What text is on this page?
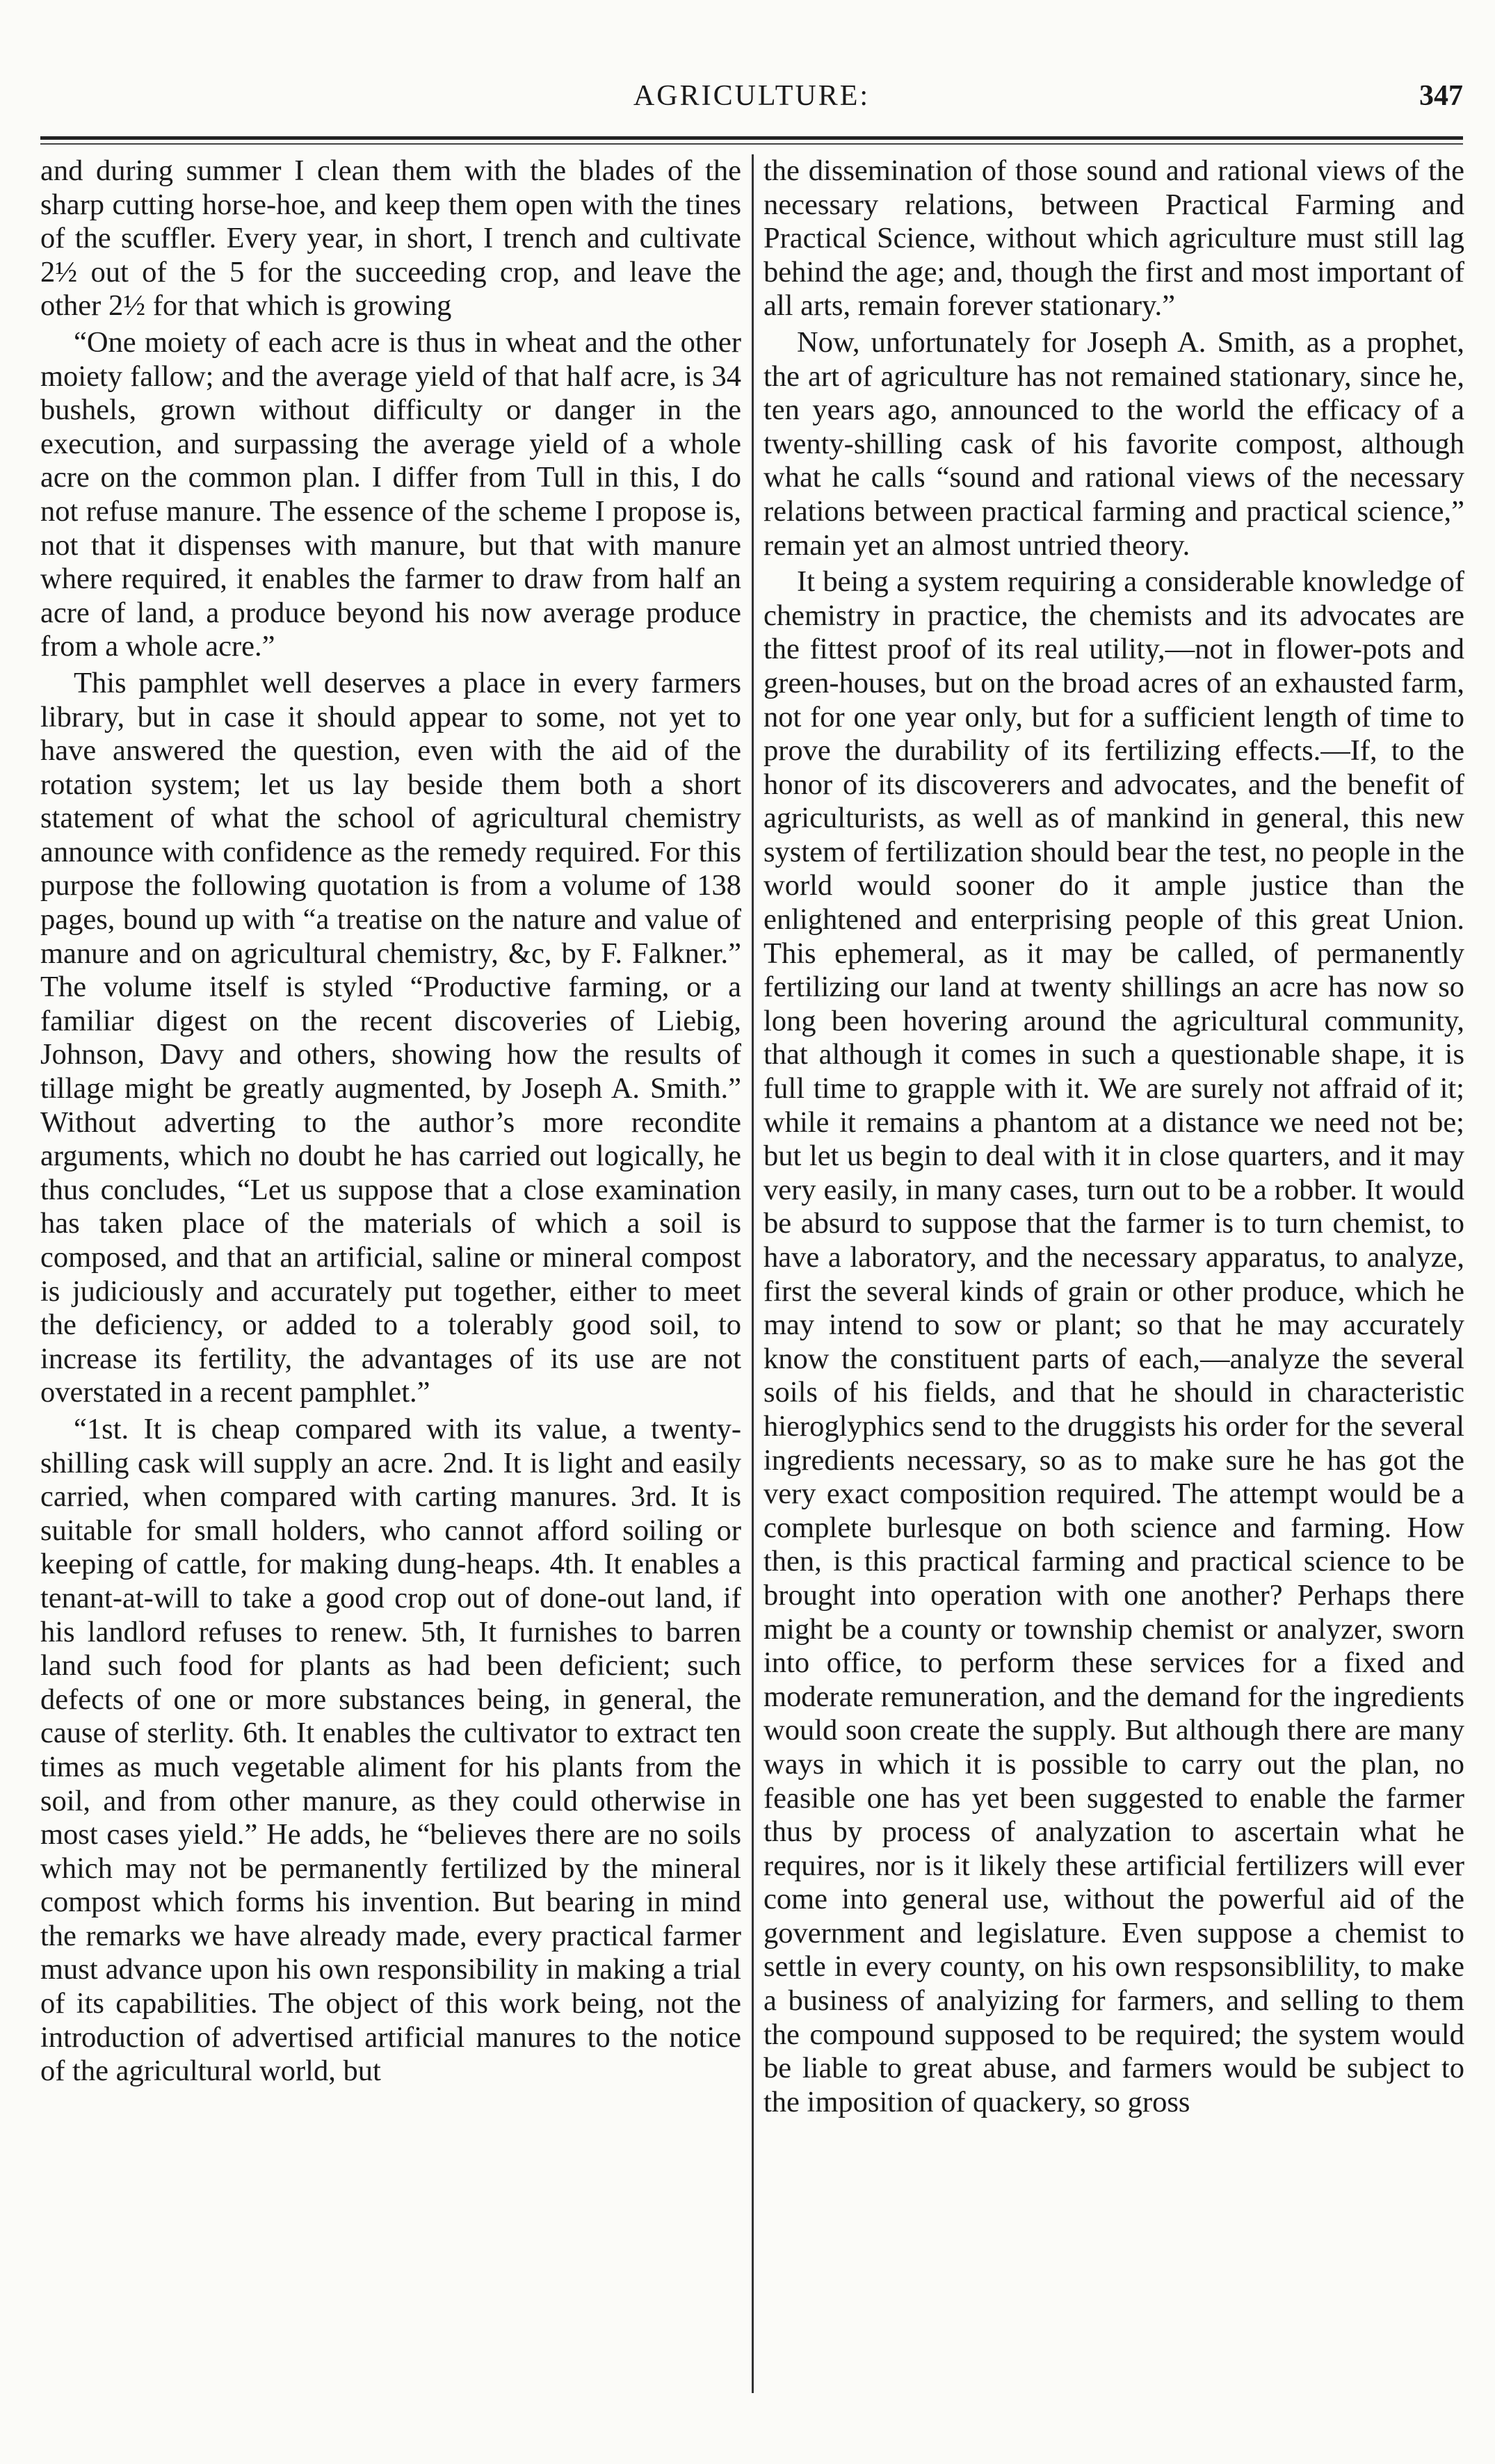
AGRICULTURE:	347

and during summer I clean them with the blades of the sharp cutting horse-hoe, and keep them open with the tines of the scuffler. Every year, in short, I trench and cultivate 2½ out of the 5 for the succeeding crop, and leave the other 2½ for that which is growing

“One moiety of each acre is thus in wheat and the other moiety fallow; and the average yield of that half acre, is 34 bushels, grown without difficulty or danger in the execution, and surpassing the average yield of a whole acre on the common plan. I differ from Tull in this, I do not refuse manure. The essence of the scheme I propose is, not that it dispenses with manure, but that with manure where required, it enables the farmer to draw from half an acre of land, a produce beyond his now average produce from a whole acre.”

This pamphlet well deserves a place in every farmers library, but in case it should appear to some, not yet to have answered the question, even with the aid of the rotation system; let us lay beside them both a short statement of what the school of agricultural chemistry announce with confidence as the remedy required. For this purpose the following quotation is from a volume of 138 pages, bound up with “a treatise on the nature and value of manure and on agricultural chemistry, &c, by F. Falkner.” The volume itself is styled “Productive farming, or a familiar digest on the recent discoveries of Liebig, Johnson, Davy and others, showing how the results of tillage might be greatly augmented, by Joseph A. Smith.” Without adverting to the author’s more recondite arguments, which no doubt he has carried out logically, he thus concludes, “Let us suppose that a close examination has taken place of the materials of which a soil is composed, and that an artificial, saline or mineral compost is judiciously and accurately put together, either to meet the deficiency, or added to a tolerably good soil, to increase its fertility, the advantages of its use are not overstated in a recent pamphlet.”

“1st. It is cheap compared with its value, a twenty-shilling cask will supply an acre. 2nd. It is light and easily carried, when compared with carting manures. 3rd. It is suitable for small holders, who cannot afford soiling or keeping of cattle, for making dung-heaps. 4th. It enables a tenant-at-will to take a good crop out of done-out land, if his landlord refuses to renew. 5th, It furnishes to barren land such food for plants as had been deficient; such defects of one or more substances being, in general, the cause of sterlity. 6th. It enables the cultivator to extract ten times as much vegetable aliment for his plants from the soil, and from other manure, as they could otherwise in most cases yield.” He adds, he “believes there are no soils which may not be permanently fertilized by the mineral compost which forms his invention. But bearing in mind the remarks we have already made, every practical farmer must advance upon his own responsibility in making a trial of its capabilities. The object of this work being, not the introduction of advertised artificial manures to the notice of the agricultural world, but

the dissemination of those sound and rational views of the necessary relations, between Practical Farming and Practical Science, without which agriculture must still lag behind the age; and, though the first and most important of all arts, remain forever stationary.”

Now, unfortunately for Joseph A. Smith, as a prophet, the art of agriculture has not remained stationary, since he, ten years ago, announced to the world the efficacy of a twenty-shilling cask of his favorite compost, although what he calls “sound and rational views of the necessary relations between practical farming and practical science,” remain yet an almost untried theory.

It being a system requiring a considerable knowledge of chemistry in practice, the chemists and its advocates are the fittest proof of its real utility,—not in flower-pots and green-houses, but on the broad acres of an exhausted farm, not for one year only, but for a sufficient length of time to prove the durability of its fertilizing effects.—If, to the honor of its discoverers and advocates, and the benefit of agriculturists, as well as of mankind in general, this new system of fertilization should bear the test, no people in the world would sooner do it ample justice than the enlightened and enterprising people of this great Union. This ephemeral, as it may be called, of permanently fertilizing our land at twenty shillings an acre has now so long been hovering around the agricultural community, that although it comes in such a questionable shape, it is full time to grapple with it. We are surely not affraid of it; while it remains a phantom at a distance we need not be; but let us begin to deal with it in close quarters, and it may very easily, in many cases, turn out to be a robber. It would be absurd to suppose that the farmer is to turn chemist, to have a laboratory, and the necessary apparatus, to analyze, first the several kinds of grain or other produce, which he may intend to sow or plant; so that he may accurately know the constituent parts of each,—analyze the several soils of his fields, and that he should in characteristic hieroglyphics send to the druggists his order for the several ingredients necessary, so as to make sure he has got the very exact composition required. The attempt would be a complete burlesque on both science and farming. How then, is this practical farming and practical science to be brought into operation with one another? Perhaps there might be a county or township chemist or analyzer, sworn into office, to perform these services for a fixed and moderate remuneration, and the demand for the ingredients would soon create the supply. But although there are many ways in which it is possible to carry out the plan, no feasible one has yet been suggested to enable the farmer thus by process of analyzation to ascertain what he requires, nor is it likely these artificial fertilizers will ever come into general use, without the powerful aid of the government and legislature. Even suppose a chemist to settle in every county, on his own respsonsiblility, to make a business of analyizing for farmers, and selling to them the compound supposed to be required; the system would be liable to great abuse, and farmers would be subject to the imposition of quackery, so gross
